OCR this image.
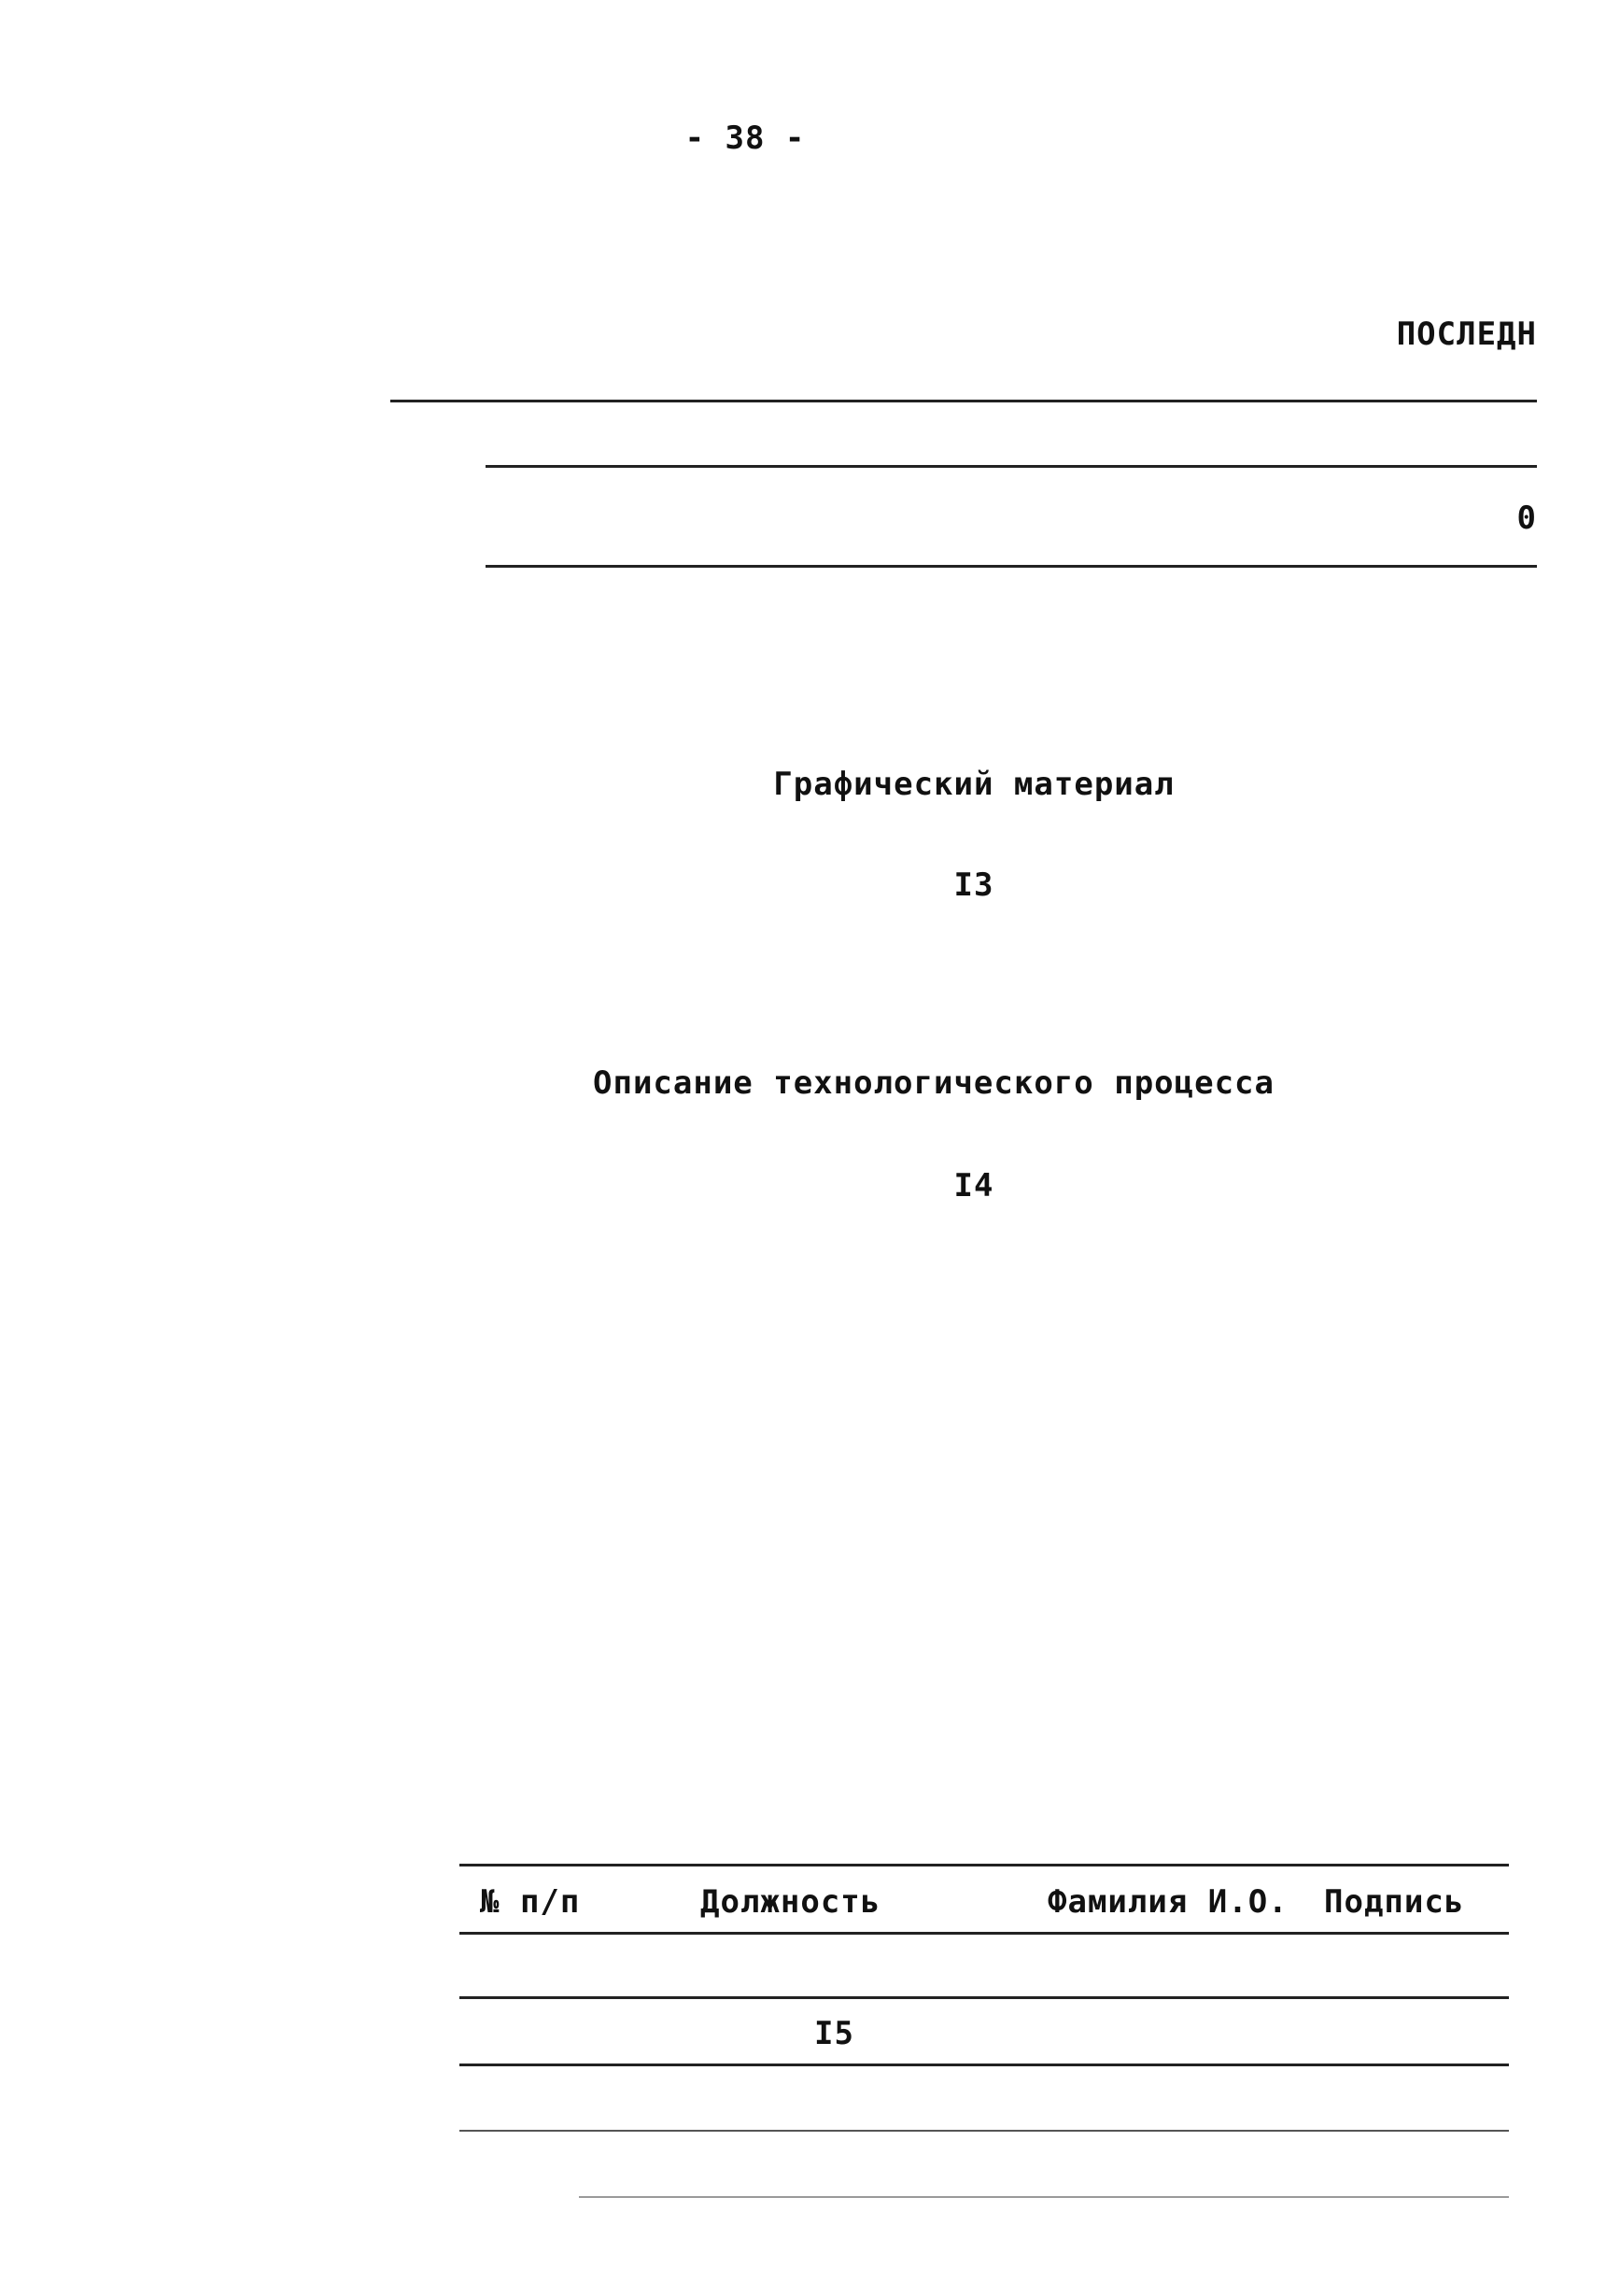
- 38 -
ПОСЛЕДН
0
Графический материал
I3
Описание технологического процесса
I4
№ п/п	Должность	Фамилия И.О. Подпись
I5
